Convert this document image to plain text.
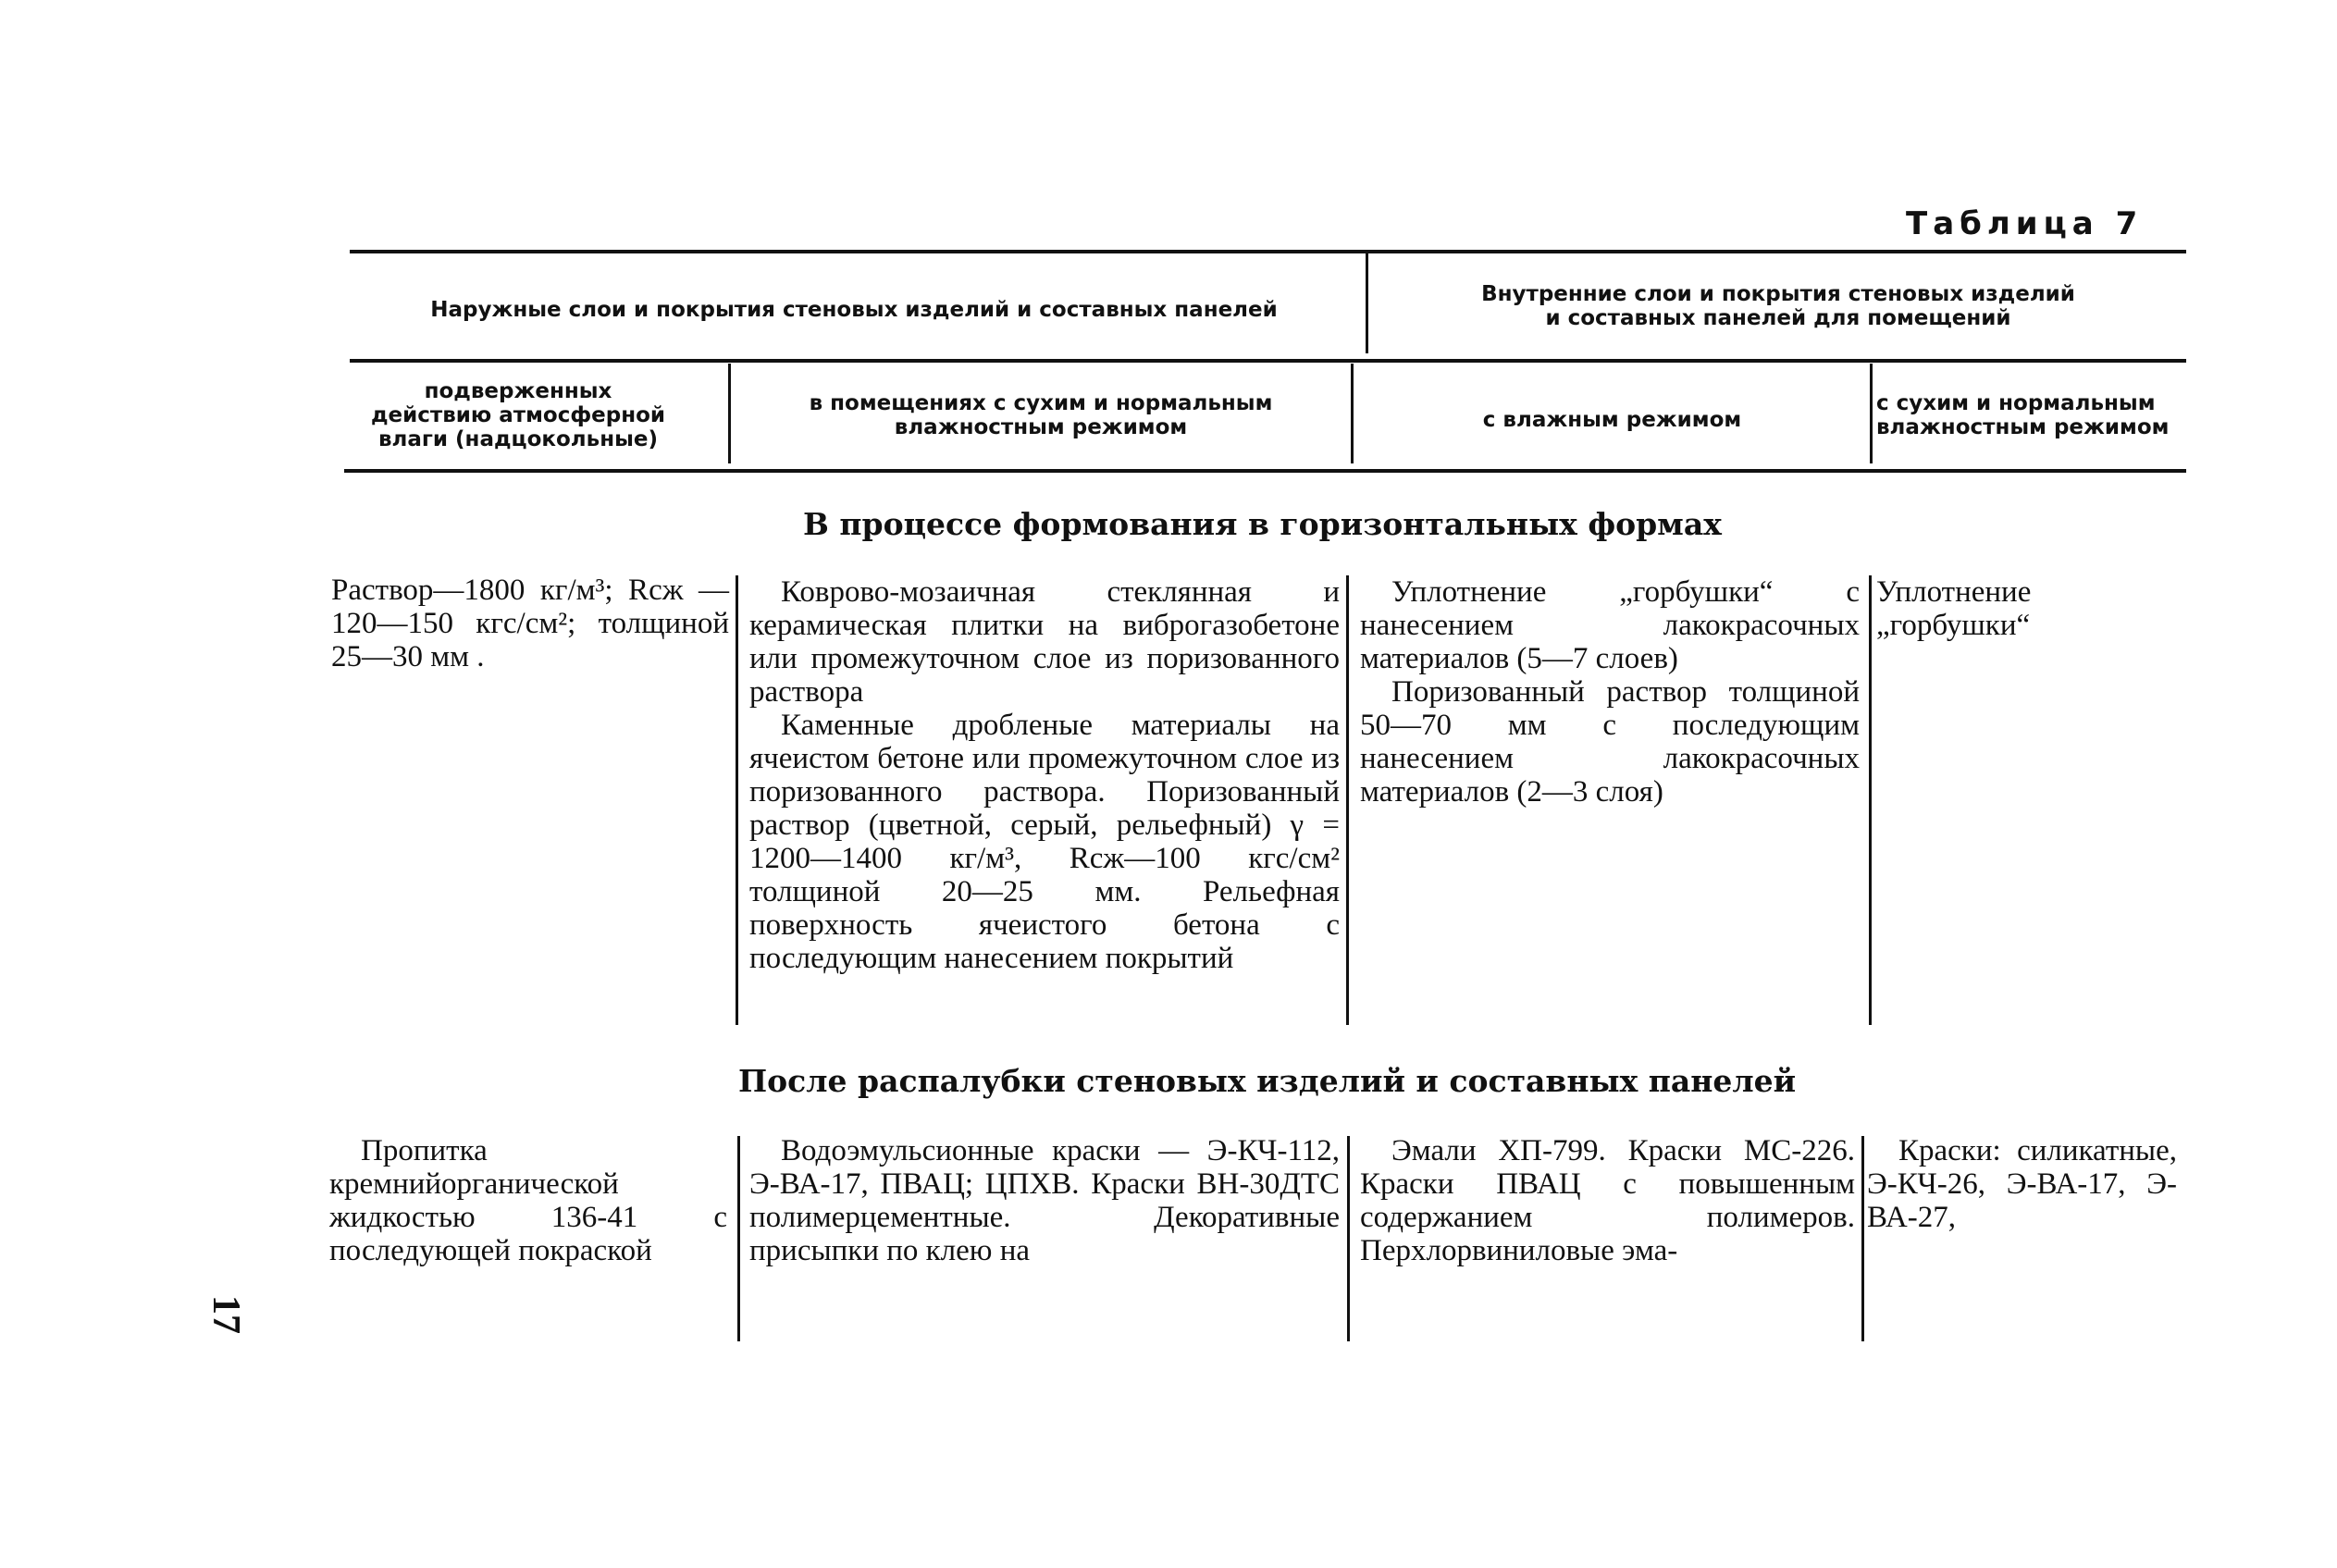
Таблица 7
Наружные слои и покрытия стеновых изделий и составных панелей
Внутренние слои и покрытия стеновых изделий
и составных панелей для помещений
подверженных действию атмосферной влаги (надцокольные)
в помещениях с сухим и нормальным влажностным режимом	с влажным режимом
с сухим и нормальным влажностным режимом
В процессе формования в горизонтальных формах

Раствор—1800 кг/м³; Rсж — 120—150 кгс/см²; толщиной 25—30 мм .

Коврово-мозаичная стеклянная и керамическая плитки на виброгазобетоне или промежуточном слое из поризованного раствора

Каменные дробленые материалы на ячеистом бетоне или промежуточном слое из поризованного раствора. Поризованный раствор (цветной, серый, рельефный) γ = 1200—1400 кг/м³, Rсж—100 кгс/см² толщиной 20—25 мм. Рельефная поверхность ячеистого бетона с последующим нанесением покрытий

Уплотнение „горбушки“ с нанесением лакокрасочных материалов (5—7 слоев)

Поризованный раствор толщиной 50—70 мм с последующим нанесением лакокрасочных материалов (2—3 слоя)

Уплотнение „горбушки“

После распалубки стеновых изделий и составных панелей

Пропитка кремнийорганической жидкостью 136-41 с последующей покраской

Водоэмульсионные краски — Э-КЧ-112, Э-ВА-17, ПВАЦ; ЦПХВ. Краски ВН-30ДТС полимерцементные. Декоративные присыпки по клею на

Эмали ХП-799. Краски МС-226. Краски ПВАЦ с повышенным содержанием полимеров. Перхлорвиниловые эма-

Краски: силикатные, Э-КЧ-26, Э-ВА-17, Э-ВА-27,

17
